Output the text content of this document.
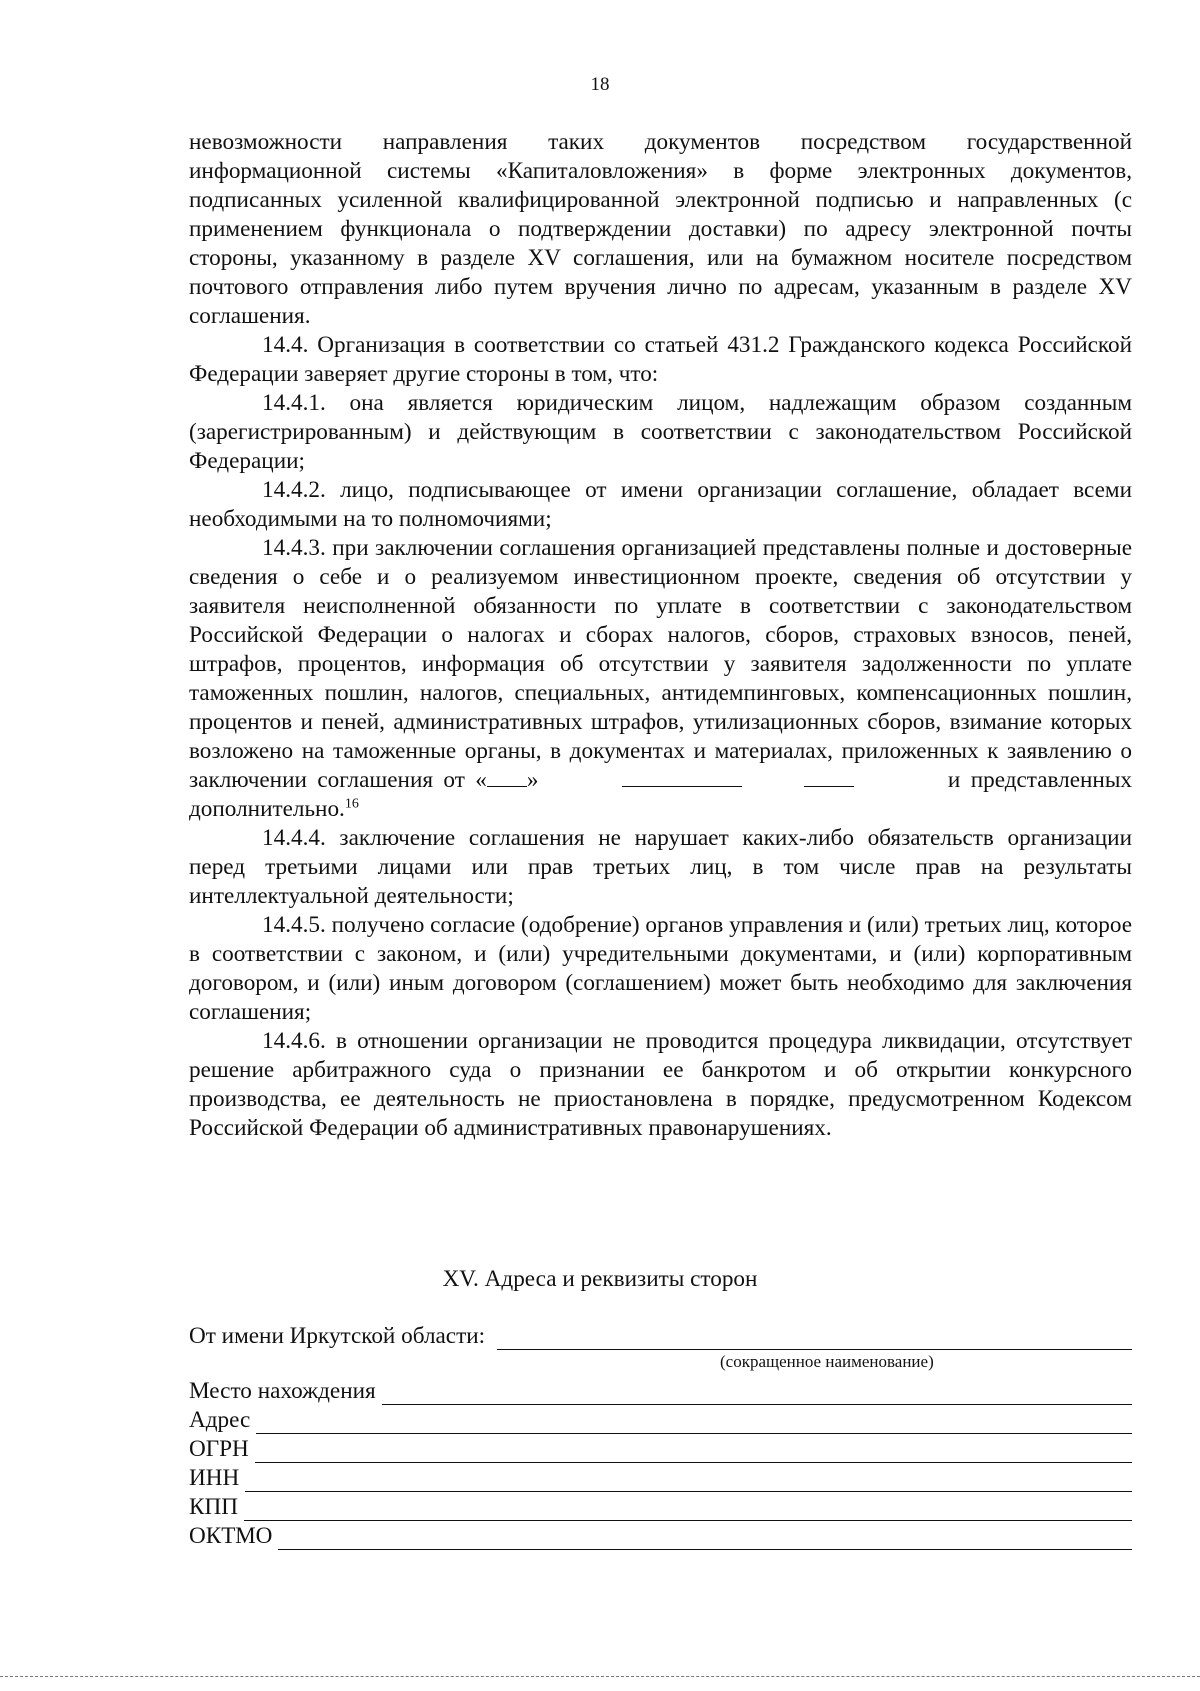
18

невозможности направления таких документов посредством государственной информационной системы «Капиталовложения» в форме электронных документов, подписанных усиленной квалифицированной электронной подписью и направленных (с применением функционала о подтверждении доставки) по адресу электронной почты стороны, указанному в разделе XV соглашения, или на бумажном носителе посредством почтового отправления либо путем вручения лично по адресам, указанным в разделе XV соглашения.

14.4. Организация в соответствии со статьей 431.2 Гражданского кодекса Российской Федерации заверяет другие стороны в том, что:

14.4.1. она является юридическим лицом, надлежащим образом созданным (зарегистрированным) и действующим в соответствии с законодательством Российской Федерации;

14.4.2. лицо, подписывающее от имени организации соглашение, обладает всеми необходимыми на то полномочиями;

14.4.3. при заключении соглашения организацией представлены полные и достоверные сведения о себе и о реализуемом инвестиционном проекте, сведения об отсутствии у заявителя неисполненной обязанности по уплате в соответствии с законодательством Российской Федерации о налогах и сборах налогов, сборов, страховых взносов, пеней, штрафов, процентов, информация об отсутствии у заявителя задолженности по уплате таможенных пошлин, налогов, специальных, антидемпинговых, компенсационных пошлин, процентов и пеней, административных штрафов, утилизационных сборов, взимание которых возложено на таможенные органы, в документах и материалах, приложенных к заявлению о заключении соглашения от « »	и представленных дополнительно.$^{16}$

14.4.4. заключение соглашения не нарушает каких-либо обязательств организации перед третьими лицами или прав третьих лиц, в том числе прав на результаты интеллектуальной деятельности;

14.4.5. получено согласие (одобрение) органов управления и (или) третьих лиц, которое в соответствии с законом, и (или) учредительными документами, и (или) корпоративным договором, и (или) иным договором (соглашением) может быть необходимо для заключения соглашения;

14.4.6. в отношении организации не проводится процедура ликвидации, отсутствует решение арбитражного суда о признании ее банкротом и об открытии конкурсного производства, ее деятельность не приостановлена в порядке, предусмотренном Кодексом Российской Федерации об административных правонарушениях.

XV. Адреса и реквизиты сторон
От имени Иркутской области:
(сокращенное наименование)
Место нахождения
Адрес
ОГРН
ИНН
КПП
ОКТМО
